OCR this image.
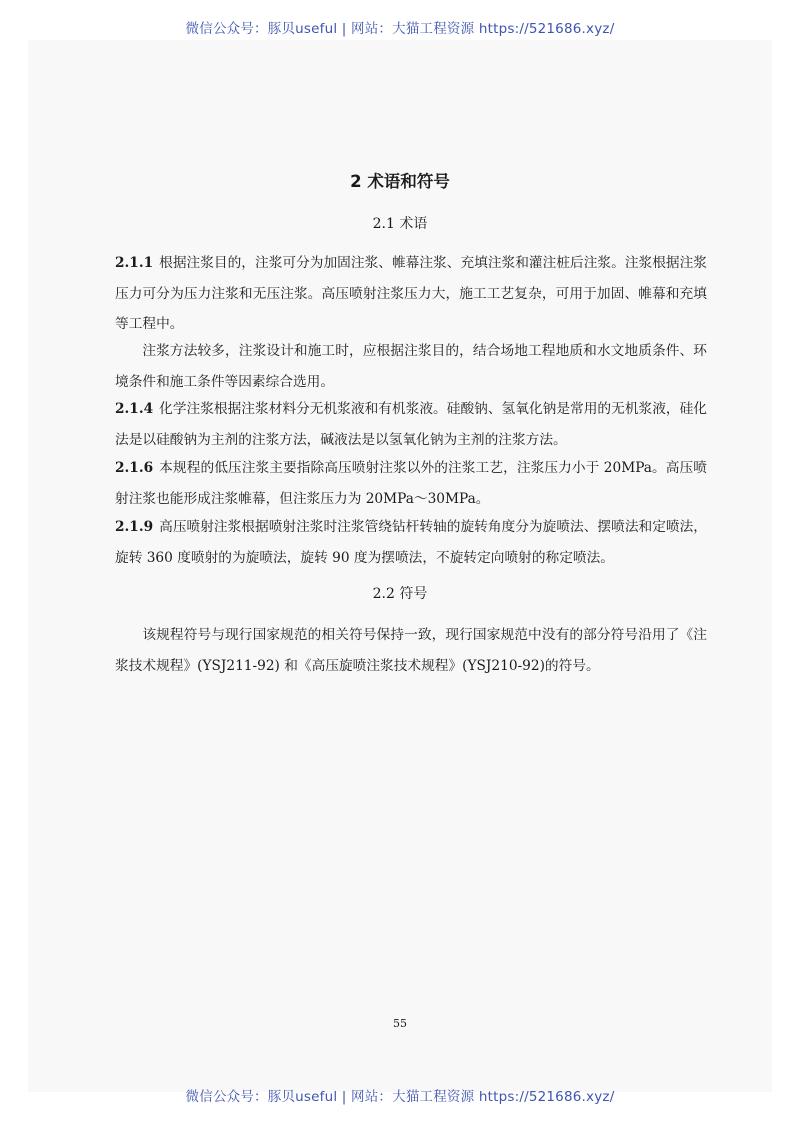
微信公众号：豚贝useful | 网站：大猫工程资源 https://521686.xyz/
2 术语和符号
2.1 术语
2.1.1 根据注浆目的，注浆可分为加固注浆、帷幕注浆、充填注浆和灌注桩后注浆。注浆根据注浆压力可分为压力注浆和无压注浆。高压喷射注浆压力大，施工工艺复杂，可用于加固、帷幕和充填等工程中。
注浆方法较多，注浆设计和施工时，应根据注浆目的，结合场地工程地质和水文地质条件、环境条件和施工条件等因素综合选用。
2.1.4 化学注浆根据注浆材料分无机浆液和有机浆液。硅酸钠、氢氧化钠是常用的无机浆液，硅化法是以硅酸钠为主剂的注浆方法，碱液法是以氢氧化钠为主剂的注浆方法。
2.1.6 本规程的低压注浆主要指除高压喷射注浆以外的注浆工艺，注浆压力小于 20MPa。高压喷射注浆也能形成注浆帷幕，但注浆压力为 20MPa～30MPa。
2.1.9 高压喷射注浆根据喷射注浆时注浆管绕钻杆转轴的旋转角度分为旋喷法、摆喷法和定喷法，旋转 360 度喷射的为旋喷法，旋转 90 度为摆喷法，不旋转定向喷射的称定喷法。
2.2 符号
该规程符号与现行国家规范的相关符号保持一致，现行国家规范中没有的部分符号沿用了《注浆技术规程》(YSJ211-92) 和《高压旋喷注浆技术规程》(YSJ210-92)的符号。
55
微信公众号：豚贝useful | 网站：大猫工程资源 https://521686.xyz/
